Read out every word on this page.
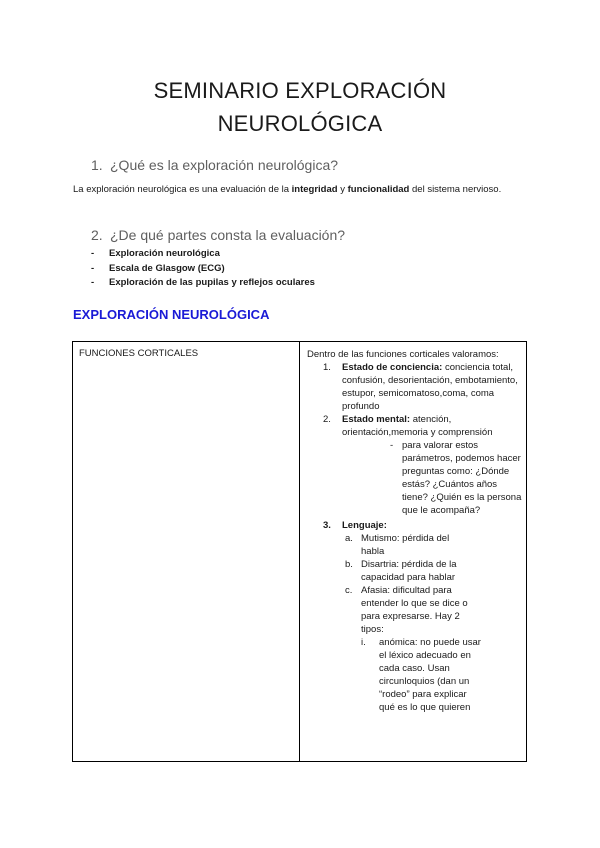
SEMINARIO EXPLORACIÓN
NEUROLÓGICA
1. ¿Qué es la exploración neurológica?
La exploración neurológica es una evaluación de la integridad y funcionalidad del sistema nervioso.
2. ¿De qué partes consta la evaluación?
- Exploración neurológica
- Escala de Glasgow (ECG)
- Exploración de las pupilas y reflejos oculares
EXPLORACIÓN NEUROLÓGICA
FUNCIONES CORTICALES	Dentro de las funciones corticales valoramos:
1. Estado de conciencia: conciencia total, confusión, desorientación, embotamiento, estupor, semicomatoso,coma, coma profundo
2. Estado mental: atención, orientación,memoria y comprensión
- para valorar estos parámetros, podemos hacer preguntas como: ¿Dónde estás? ¿Cuántos años tiene? ¿Quién es la persona que le acompaña?
3. Lenguaje:
a. Mutismo: pérdida del habla
b. Disartria: pérdida de la capacidad para hablar
c. Afasia: dificultad para entender lo que se dice o para expresarse. Hay 2 tipos:
i. anómica: no puede usar el léxico adecuado en cada caso. Usan circunloquios (dan un “rodeo” para explicar qué es lo que quieren
